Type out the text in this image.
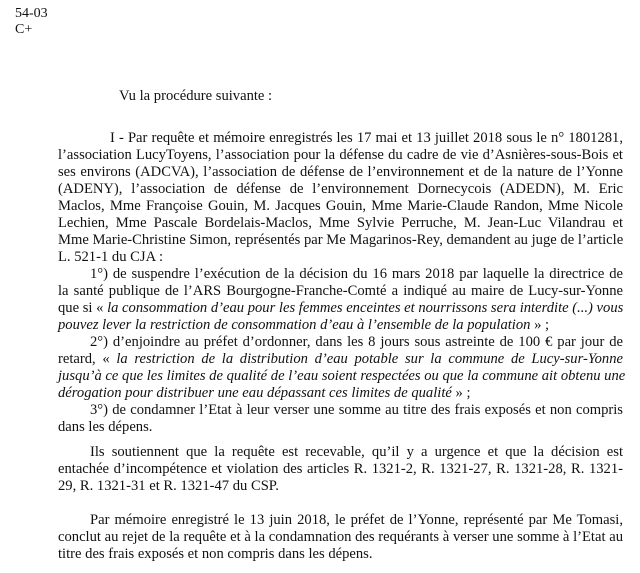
54-03
C+
Vu la procédure suivante :
I - Par requête et mémoire enregistrés les 17 mai et 13 juillet 2018 sous le n° 1801281,
l’association LucyToyens, l’association pour la défense du cadre de vie d’Asnières-sous-Bois et
ses environs (ADCVA), l’association de défense de l’environnement et de la nature de l’Yonne
(ADENY), l’association de défense de l’environnement Dornecycois (ADEDN), M. Eric
Maclos, Mme Françoise Gouin, M. Jacques Gouin, Mme Marie-Claude Randon, Mme Nicole
Lechien, Mme Pascale Bordelais-Maclos, Mme Sylvie Perruche, M. Jean-Luc Vilandrau et
Mme Marie-Christine Simon, représentés par Me Magarinos-Rey, demandent au juge de l’article
L. 521-1 du CJA :
1°) de suspendre l’exécution de la décision du 16 mars 2018 par laquelle la directrice de
la santé publique de l’ARS Bourgogne-Franche-Comté a indiqué au maire de Lucy-sur-Yonne
que si « la consommation d’eau pour les femmes enceintes et nourrissons sera interdite (...) vous
pouvez lever la restriction de consommation d’eau à l’ensemble de la population » ;
2°) d’enjoindre au préfet d’ordonner, dans les 8 jours sous astreinte de 100 € par jour de
retard, « la restriction de la distribution d’eau potable sur la commune de Lucy-sur-Yonne
jusqu’à ce que les limites de qualité de l’eau soient respectées ou que la commune ait obtenu une
dérogation pour distribuer une eau dépassant ces limites de qualité » ;
3°) de condamner l’Etat à leur verser une somme au titre des frais exposés et non compris
dans les dépens.
Ils soutiennent que la requête est recevable, qu’il y a urgence et que la décision est
entachée d’incompétence et violation des articles R. 1321-2, R. 1321-27, R. 1321-28, R. 1321-
29, R. 1321-31 et R. 1321-47 du CSP.
Par mémoire enregistré le 13 juin 2018, le préfet de l’Yonne, représenté par Me Tomasi,
conclut au rejet de la requête et à la condamnation des requérants à verser une somme à l’Etat au
titre des frais exposés et non compris dans les dépens.
